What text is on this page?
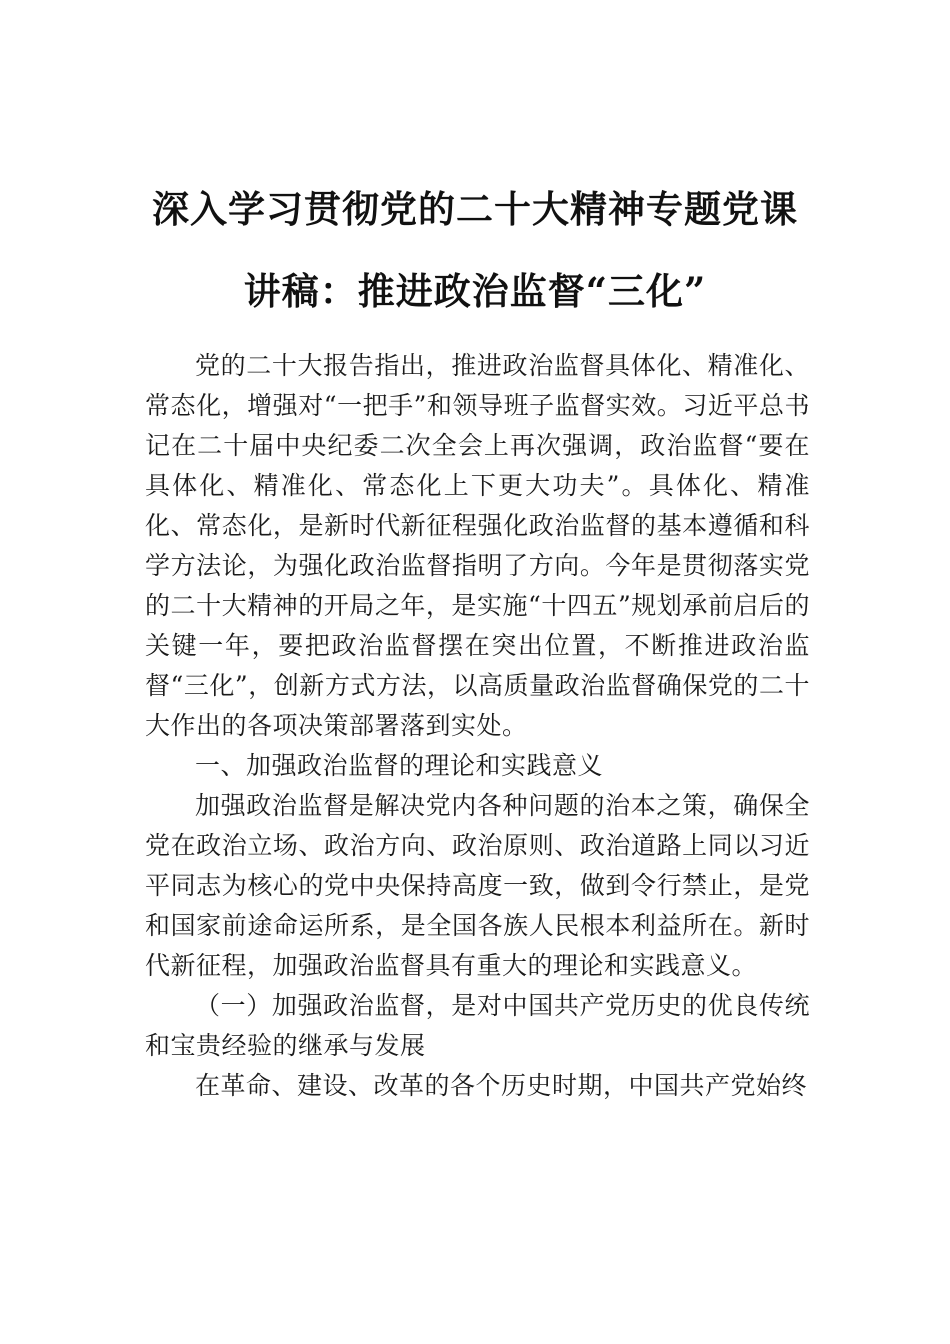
深入学习贯彻党的二十大精神专题党课讲稿：推进政治监督“三化”

党的二十大报告指出，推进政治监督具体化、精准化、常态化，增强对“一把手”和领导班子监督实效。习近平总书记在二十届中央纪委二次全会上再次强调，政治监督“要在具体化、精准化、常态化上下更大功夫”。具体化、精准化、常态化，是新时代新征程强化政治监督的基本遵循和科学方法论，为强化政治监督指明了方向。今年是贯彻落实党的二十大精神的开局之年，是实施“十四五”规划承前启后的关键一年，要把政治监督摆在突出位置，不断推进政治监督“三化”，创新方式方法，以高质量政治监督确保党的二十大作出的各项决策部署落到实处。

一、加强政治监督的理论和实践意义

加强政治监督是解决党内各种问题的治本之策，确保全党在政治立场、政治方向、政治原则、政治道路上同以习近平同志为核心的党中央保持高度一致，做到令行禁止，是党和国家前途命运所系，是全国各族人民根本利益所在。新时代新征程，加强政治监督具有重大的理论和实践意义。

（一）加强政治监督，是对中国共产党历史的优良传统和宝贵经验的继承与发展

在革命、建设、改革的各个历史时期，中国共产党始终
